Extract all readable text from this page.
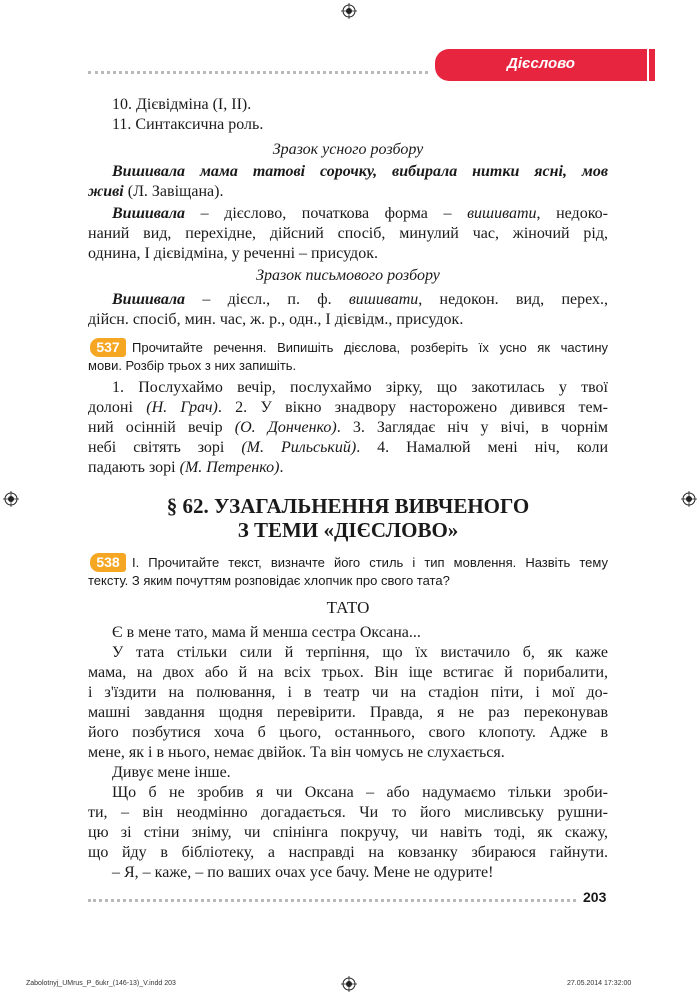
Дієслово
10. Дієвідміна (І, ІІ).
11. Синтаксична роль.
Зразок усного розбору
Вишивала мама татові сорочку, вибирала нитки ясні, мов
живі (Л. Завіщана).
Вишивала – дієслово, початкова форма – вишивати, недоко-
наний вид, перехідне, дійсний спосіб, минулий час, жіночий рід,
однина, І дієвідміна, у реченні – присудок.
Зразок письмового розбору
Вишивала – дієсл., п. ф. вишивати, недокон. вид, перех.,
дійсн. спосіб, мин. час, ж. р., одн., І дієвідм., присудок.
537 Прочитайте речення. Випишіть дієслова, розберіть їх усно як частину
мови. Розбір трьох з них запишіть.
1. Послухаймо вечір, послухаймо зірку, що закотилась у твої
долоні (Н. Грач). 2. У вікно знадвору насторожено дивився тем-
ний осінній вечір (О. Донченко). 3. Заглядає ніч у вічі, в чорнім
небі світять зорі (М. Рильський). 4. Намалюй мені ніч, коли
падають зорі (М. Петренко).
§ 62. УЗАГАЛЬНЕННЯ ВИВЧЕНОГО
З ТЕМИ «ДІЄСЛОВО»
538 І. Прочитайте текст, визначте його стиль і тип мовлення. Назвіть тему
тексту. З яким почуттям розповідає хлопчик про свого тата?
ТАТО
Є в мене тато, мама й менша сестра Оксана...
У тата стільки сили й терпіння, що їх вистачило б, як каже
мама, на двох або й на всіх трьох. Він іще встигає й порибалити,
і з'їздити на полювання, і в театр чи на стадіон піти, і мої до-
машні завдання щодня перевірити. Правда, я не раз переконував
його позбутися хоча б цього, останнього, свого клопоту. Адже в
мене, як і в нього, немає двійок. Та він чомусь не слухається.
Дивує мене інше.
Що б не зробив я чи Оксана – або надумаємо тільки зроби-
ти, – він неодмінно догадається. Чи то його мисливську рушни-
цю зі стіни зніму, чи спінінга покручу, чи навіть тоді, як скажу,
що йду в бібліотеку, а насправді на ковзанку збираюся гайнути.
– Я, – каже, – по ваших очах усе бачу. Мене не одурите!
203
Zabolotnyj_UMrus_P_6ukr_(146-13)_V.indd 203	27.05.2014 17:32:00
